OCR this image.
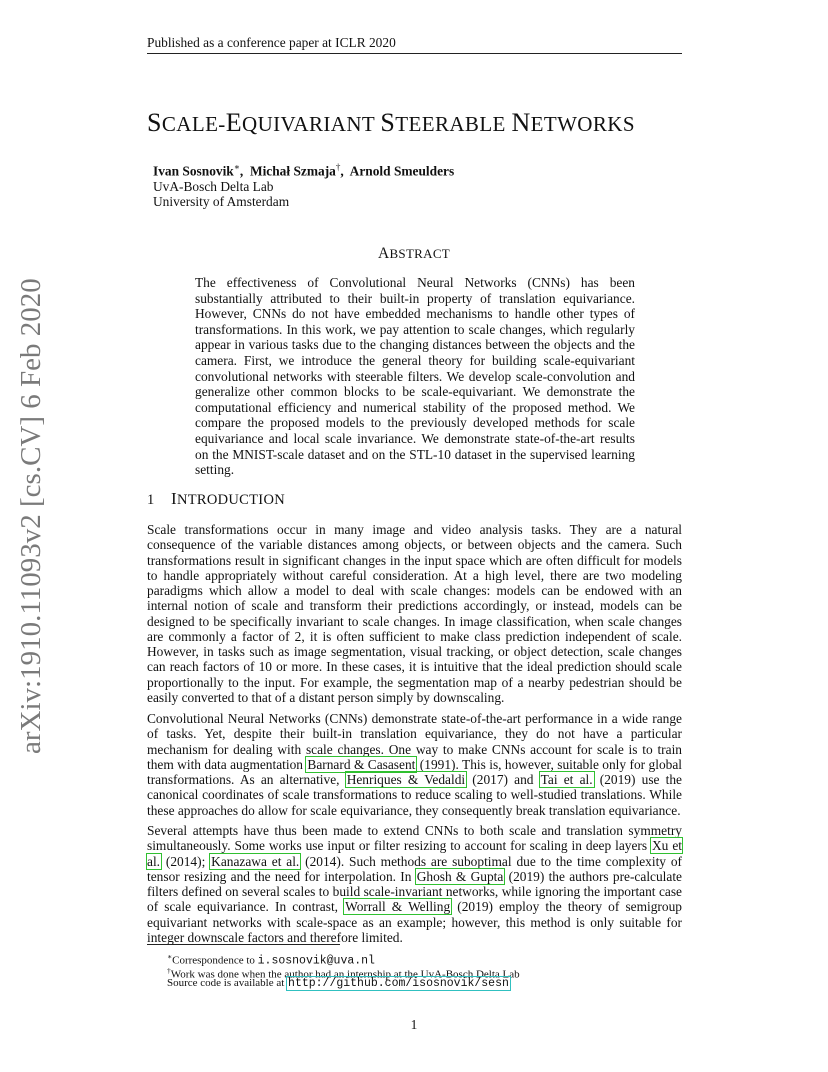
Published as a conference paper at ICLR 2020
arXiv:1910.11093v2 [cs.CV] 6 Feb 2020
SCALE-EQUIVARIANT STEERABLE NETWORKS
Ivan Sosnovik∗,  Michał Szmaja†,  Arnold Smeulders
UvA-Bosch Delta Lab
University of Amsterdam
ABSTRACT
The effectiveness of Convolutional Neural Networks (CNNs) has been substantially attributed to their built-in property of translation equivariance. However, CNNs do not have embedded mechanisms to handle other types of transformations. In this work, we pay attention to scale changes, which regularly appear in various tasks due to the changing distances between the objects and the camera. First, we introduce the general theory for building scale-equivariant convolutional networks with steerable filters. We develop scale-convolution and generalize other common blocks to be scale-equivariant. We demonstrate the computational efficiency and numerical stability of the proposed method. We compare the proposed models to the previously developed methods for scale equivariance and local scale invariance. We demonstrate state-of-the-art results on the MNIST-scale dataset and on the STL-10 dataset in the supervised learning setting.
1 INTRODUCTION
Scale transformations occur in many image and video analysis tasks. They are a natural consequence of the variable distances among objects, or between objects and the camera. Such transformations result in significant changes in the input space which are often difficult for models to handle appropriately without careful consideration. At a high level, there are two modeling paradigms which allow a model to deal with scale changes: models can be endowed with an internal notion of scale and transform their predictions accordingly, or instead, models can be designed to be specifically invariant to scale changes. In image classification, when scale changes are commonly a factor of 2, it is often sufficient to make class prediction independent of scale. However, in tasks such as image segmentation, visual tracking, or object detection, scale changes can reach factors of 10 or more. In these cases, it is intuitive that the ideal prediction should scale proportionally to the input. For example, the segmentation map of a nearby pedestrian should be easily converted to that of a distant person simply by downscaling.
Convolutional Neural Networks (CNNs) demonstrate state-of-the-art performance in a wide range of tasks. Yet, despite their built-in translation equivariance, they do not have a particular mechanism for dealing with scale changes. One way to make CNNs account for scale is to train them with data augmentation Barnard & Casasent (1991). This is, however, suitable only for global transformations. As an alternative, Henriques & Vedaldi (2017) and Tai et al. (2019) use the canonical coordinates of scale transformations to reduce scaling to well-studied translations. While these approaches do allow for scale equivariance, they consequently break translation equivariance.
Several attempts have thus been made to extend CNNs to both scale and translation symmetry simultaneously. Some works use input or filter resizing to account for scaling in deep layers Xu et al. (2014); Kanazawa et al. (2014). Such methods are suboptimal due to the time complexity of tensor resizing and the need for interpolation. In Ghosh & Gupta (2019) the authors pre-calculate filters defined on several scales to build scale-invariant networks, while ignoring the important case of scale equivariance. In contrast, Worrall & Welling (2019) employ the theory of semigroup equivariant networks with scale-space as an example; however, this method is only suitable for integer downscale factors and therefore limited.
∗Correspondence to i.sosnovik@uva.nl
†Work was done when the author had an internship at the UvA-Bosch Delta Lab
Source code is available at http://github.com/isosnovik/sesn
1
